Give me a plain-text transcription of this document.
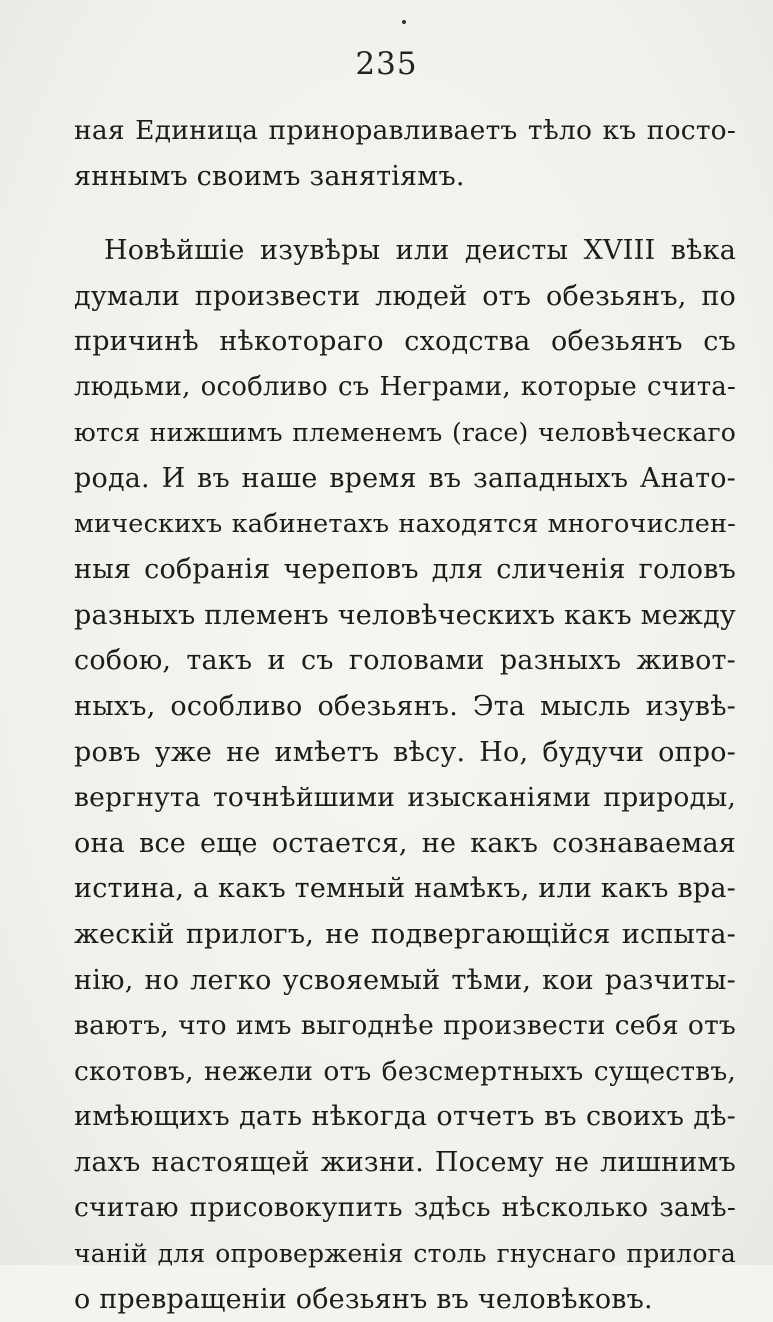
235
ная Единица приноравливаетъ тѣло къ посто-
яннымъ своимъ занятіямъ.
Новѣйшіе изувѣры или деисты XVIII вѣка
думали произвести людей отъ обезьянъ, по
причинѣ нѣкотораго сходства обезьянъ съ
людьми, особливо съ Неграми, которые счита-
ются нижшимъ племенемъ (race) человѣческаго
рода. И въ наше время въ западныхъ Анато-
мическихъ кабинетахъ находятся многочислен-
ныя собранія череповъ для сличенія головъ
разныхъ племенъ человѣческихъ какъ между
собою, такъ и съ головами разныхъ живот-
ныхъ, особливо обезьянъ. Эта мысль изувѣ-
ровъ уже не имѣетъ вѣсу. Но, будучи опро-
вергнута точнѣйшими изысканіями природы,
она все еще остается, не какъ сознаваемая
истина, а какъ темный намѣкъ, или какъ вра-
жескій прилогъ, не подвергающійся испыта-
нію, но легко усвояемый тѣми, кои разчиты-
ваютъ, что имъ выгоднѣе произвести себя отъ
скотовъ, нежели отъ безсмертныхъ существъ,
имѣющихъ дать нѣкогда отчетъ въ своихъ дѣ-
лахъ настоящей жизни. Посему не лишнимъ
считаю присовокупить здѣсь нѣсколько замѣ-
чаній для опроверженія столь гнуснаго прилога
о превращеніи обезьянъ въ человѣковъ.
